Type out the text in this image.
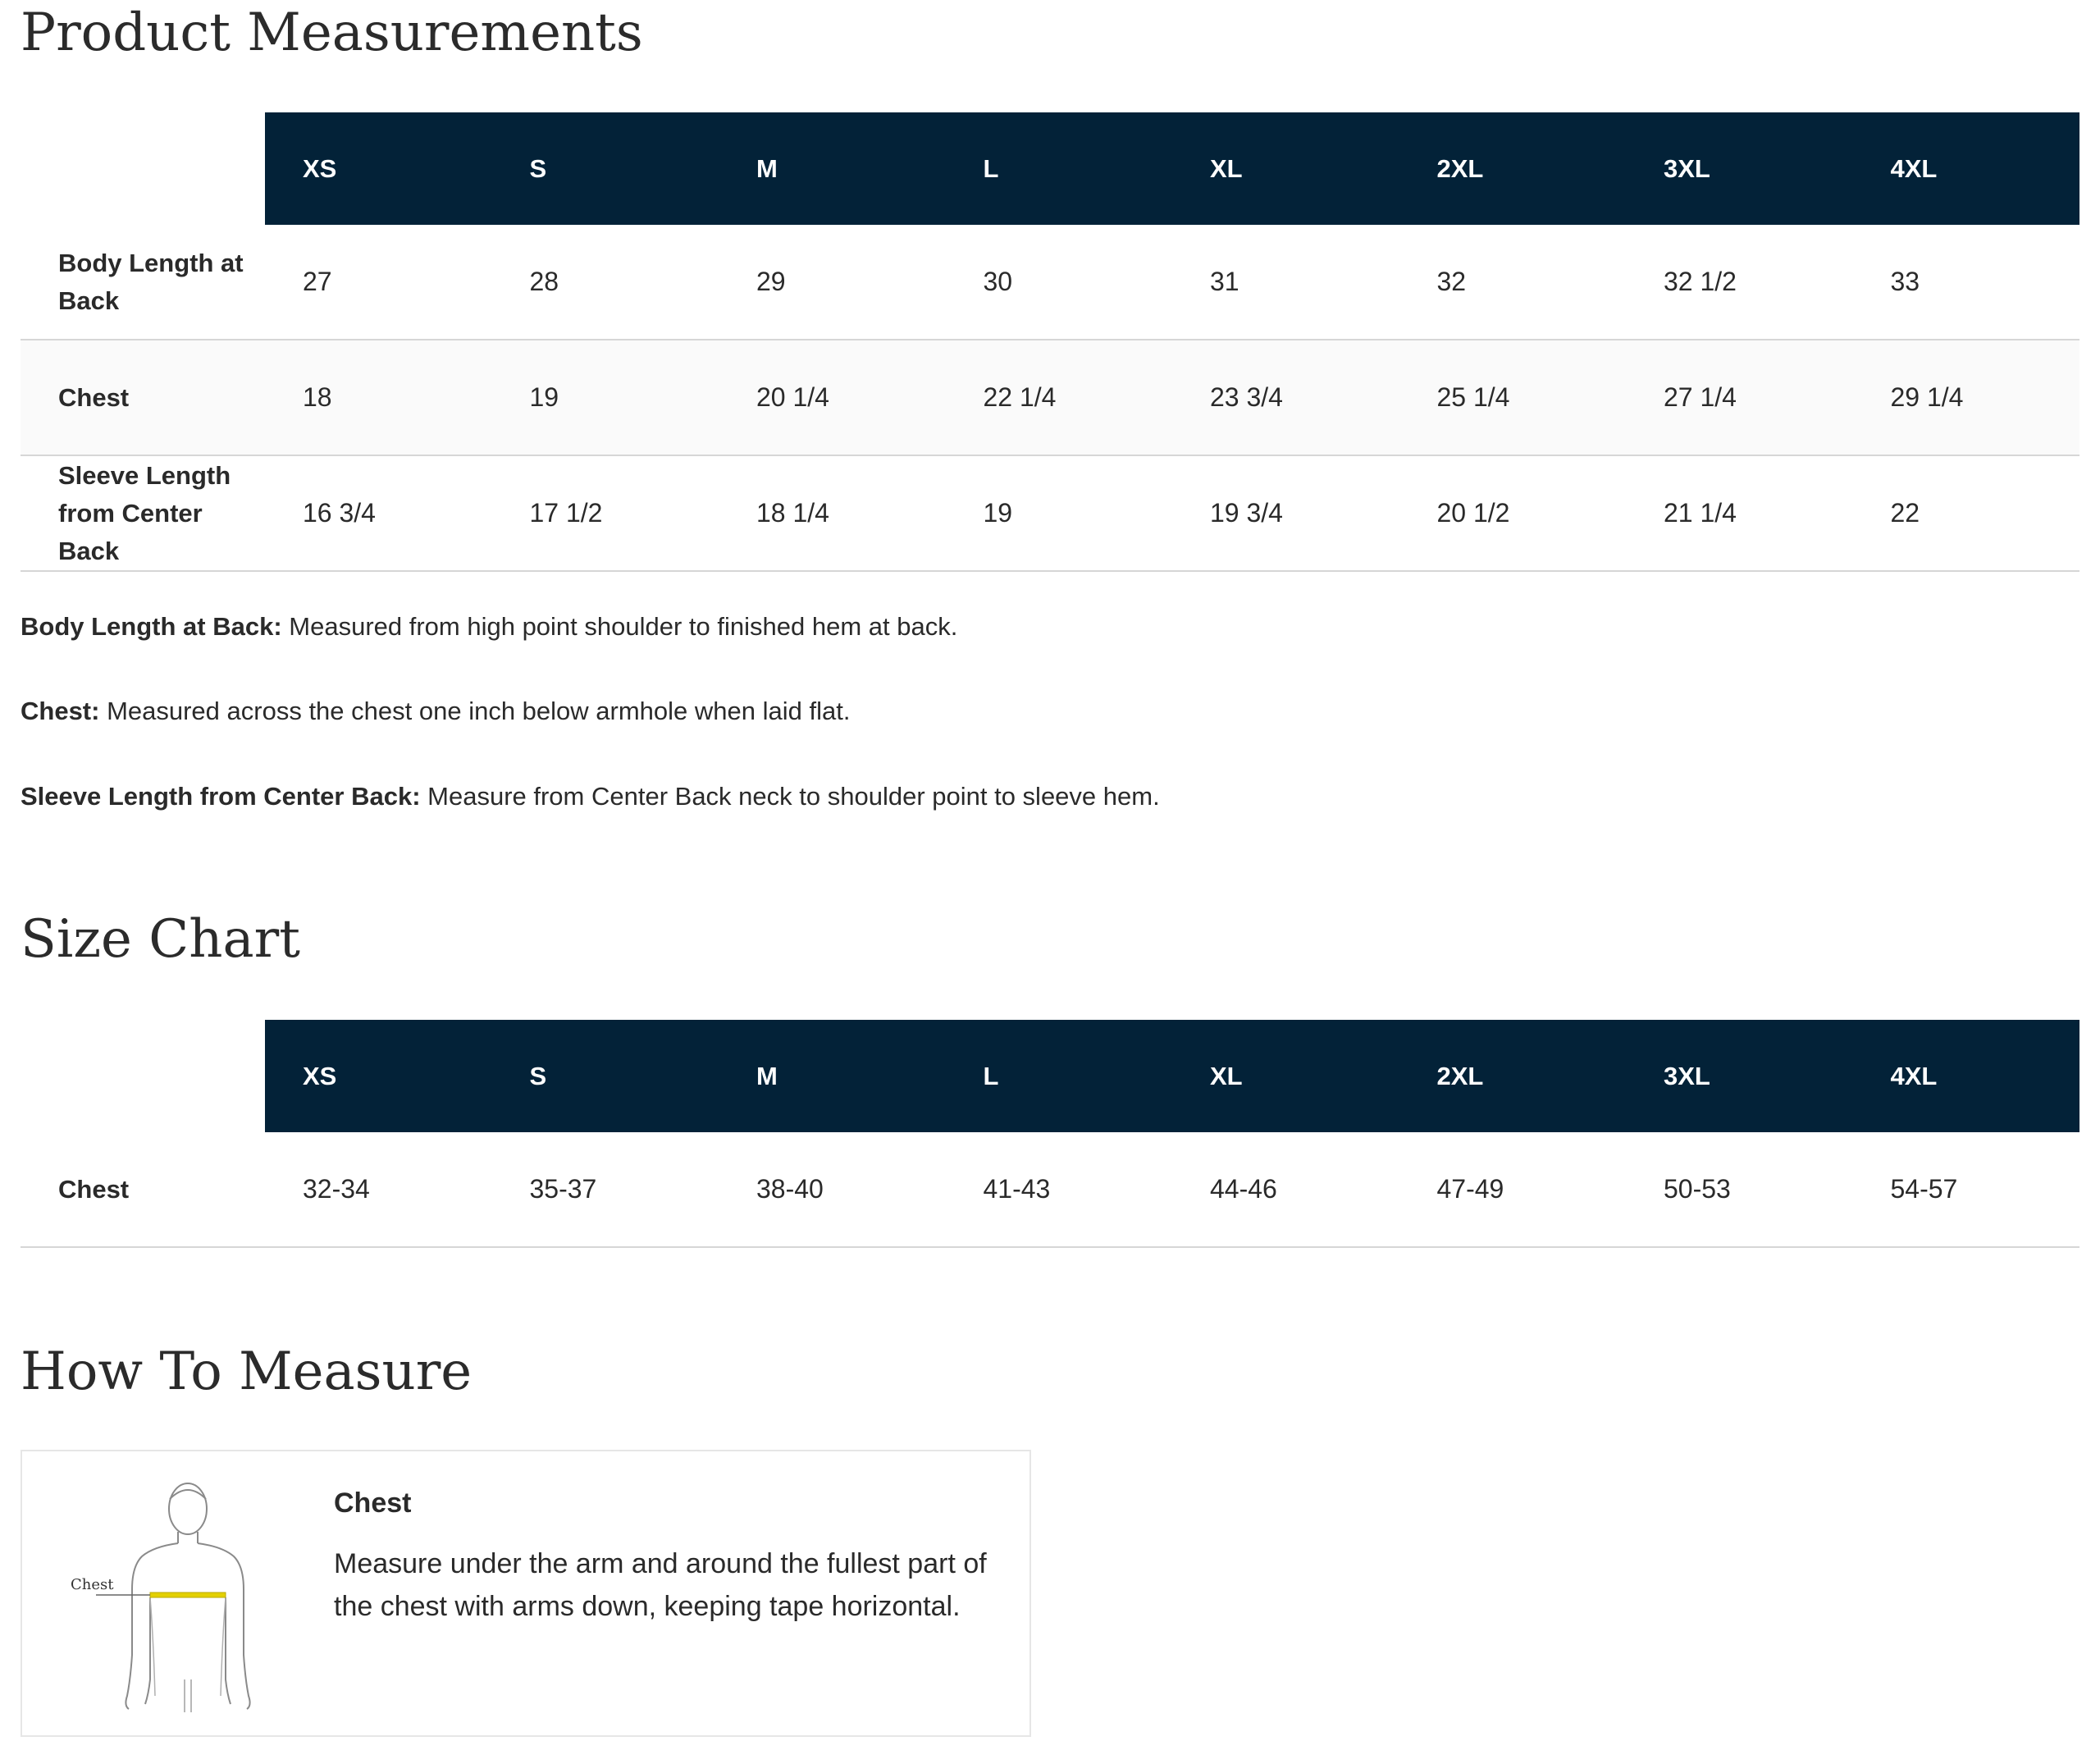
Product Measurements
	XS	S	M	L	XL	2XL	3XL	4XL
Body Length at Back	27	28	29	30	31	32	32 1/2	33
Chest	18	19	20 1/4	22 1/4	23 3/4	25 1/4	27 1/4	29 1/4
Sleeve Length from Center Back	16 3/4	17 1/2	18 1/4	19	19 3/4	20 1/2	21 1/4	22

Body Length at Back: Measured from high point shoulder to finished hem at back.

Chest: Measured across the chest one inch below armhole when laid flat.

Sleeve Length from Center Back: Measure from Center Back neck to shoulder point to sleeve hem.

Size Chart
	XS	S	M	L	XL	2XL	3XL	4XL
Chest	32-34	35-37	38-40	41-43	44-46	47-49	50-53	54-57
How To Measure
Chest

Chest

Measure under the arm and around the fullest part of the chest with arms down, keeping tape horizontal.
